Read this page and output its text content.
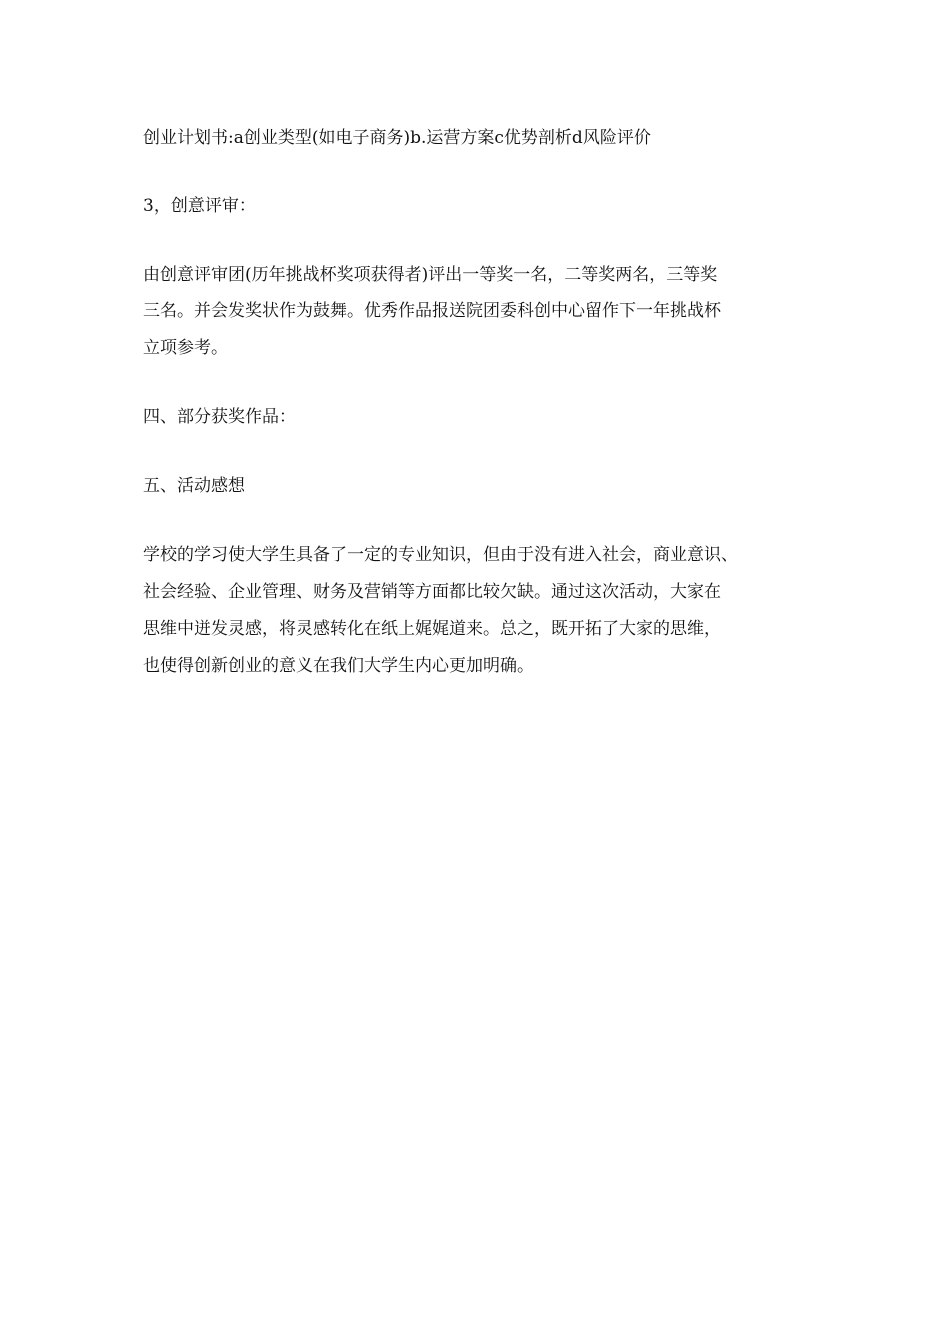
创业计划书:a创业类型(如电子商务)b.运营方案c优势剖析d风险评价
3，创意评审：
由创意评审团(历年挑战杯奖项获得者)评出一等奖一名，二等奖两名，三等奖
三名。并会发奖状作为鼓舞。优秀作品报送院团委科创中心留作下一年挑战杯
立项参考。
四、部分获奖作品：
五、活动感想
学校的学习使大学生具备了一定的专业知识，但由于没有进入社会，商业意识、
社会经验、企业管理、财务及营销等方面都比较欠缺。通过这次活动，大家在
思维中迸发灵感，将灵感转化在纸上娓娓道来。总之，既开拓了大家的思维，
也使得创新创业的意义在我们大学生内心更加明确。
